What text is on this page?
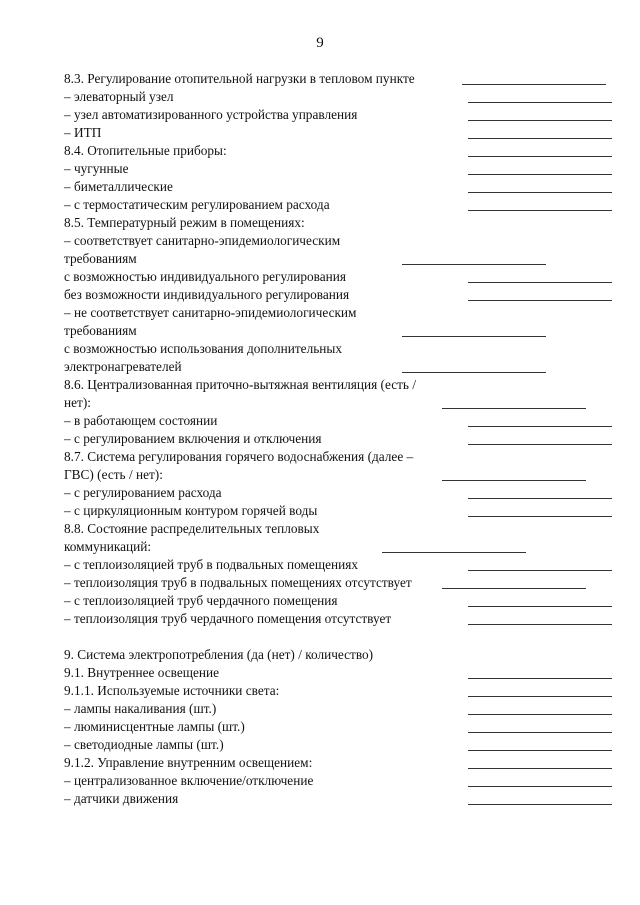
9
8.3. Регулирование отопительной нагрузки в тепловом пункте
– элеваторный узел
– узел автоматизированного устройства управления
– ИТП
8.4. Отопительные приборы:
– чугунные
– биметаллические
– с термостатическим регулированием расхода
8.5. Температурный режим в помещениях:
– соответствует санитарно-эпидемиологическим требованиям
с возможностью индивидуального регулирования
без возможности индивидуального регулирования
– не соответствует санитарно-эпидемиологическим требованиям
с возможностью использования дополнительных электронагревателей
8.6. Централизованная приточно-вытяжная вентиляция (есть / нет):
– в работающем состоянии
– с регулированием включения и отключения
8.7. Система регулирования горячего водоснабжения (далее – ГВС) (есть / нет):
– с регулированием расхода
– с циркуляционным контуром горячей воды
8.8. Состояние распределительных тепловых коммуникаций:
– с теплоизоляцией труб в подвальных помещениях
– теплоизоляция труб в подвальных помещениях отсутствует
– с теплоизоляцией труб чердачного помещения
– теплоизоляция труб чердачного помещения отсутствует
9. Система электропотребления (да (нет) / количество)
9.1. Внутреннее освещение
9.1.1. Используемые источники света:
– лампы накаливания (шт.)
– люминисцентные лампы (шт.)
– светодиодные лампы (шт.)
9.1.2. Управление внутренним освещением:
– централизованное включение/отключение
– датчики движения
